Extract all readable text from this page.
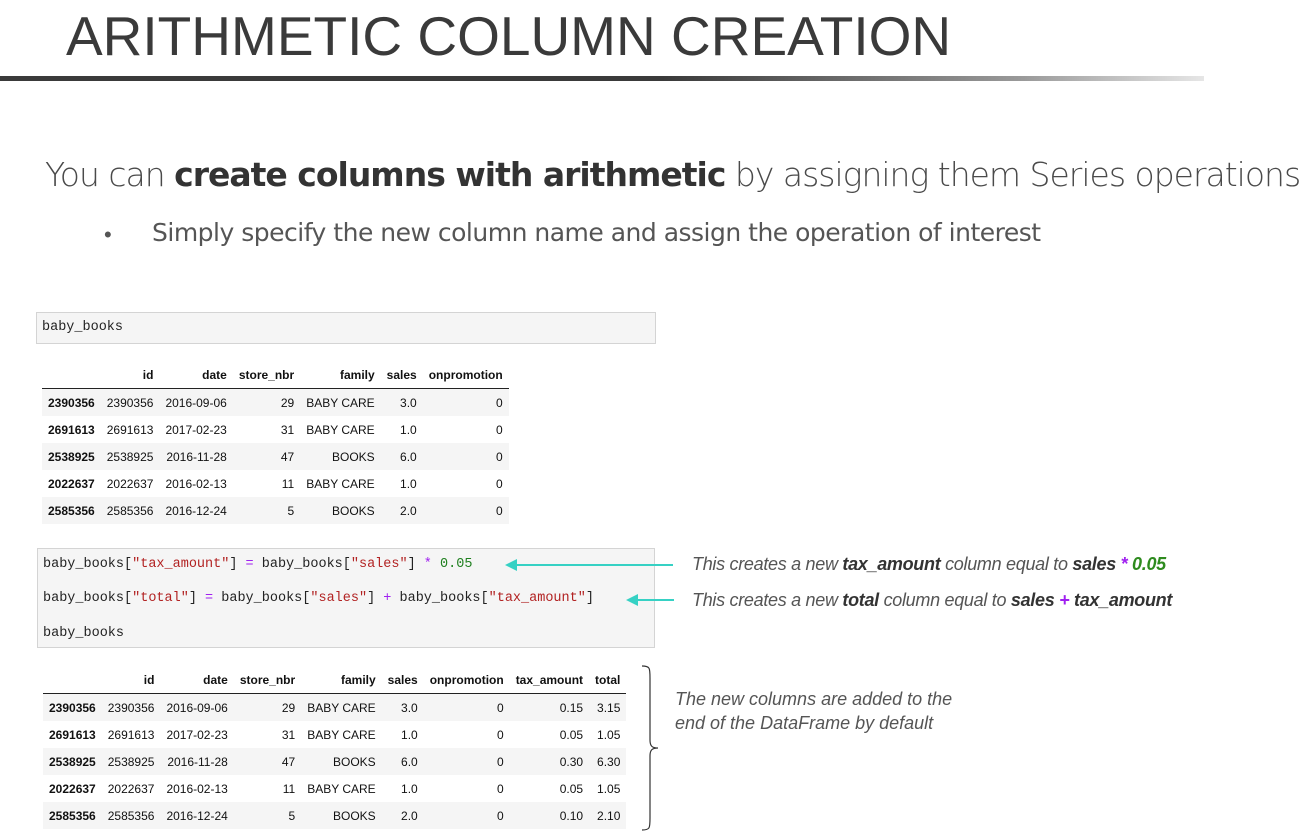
ARITHMETIC COLUMN CREATION
You can create columns with arithmetic by assigning them Series operations
• Simply specify the new column name and assign the operation of interest
baby_books
	id	date	store_nbr	family	sales	onpromotion
2390356	2390356	2016-09-06	29	BABY CARE	3.0	0
2691613	2691613	2017-02-23	31	BABY CARE	1.0	0
2538925	2538925	2016-11-28	47	BOOKS	6.0	0
2022637	2022637	2016-02-13	11	BABY CARE	1.0	0
2585356	2585356	2016-12-24	5	BOOKS	2.0	0
baby_books["tax_amount"] = baby_books["sales"] * 0.05
baby_books["total"] = baby_books["sales"] + baby_books["tax_amount"]
baby_books
This creates a new tax_amount column equal to sales * 0.05
This creates a new total column equal to sales + tax_amount
	id	date	store_nbr	family	sales	onpromotion	tax_amount	total
2390356	2390356	2016-09-06	29	BABY CARE	3.0	0	0.15	3.15
2691613	2691613	2017-02-23	31	BABY CARE	1.0	0	0.05	1.05
2538925	2538925	2016-11-28	47	BOOKS	6.0	0	0.30	6.30
2022637	2022637	2016-02-13	11	BABY CARE	1.0	0	0.05	1.05
2585356	2585356	2016-12-24	5	BOOKS	2.0	0	0.10	2.10
The new columns are added to the
end of the DataFrame by default
